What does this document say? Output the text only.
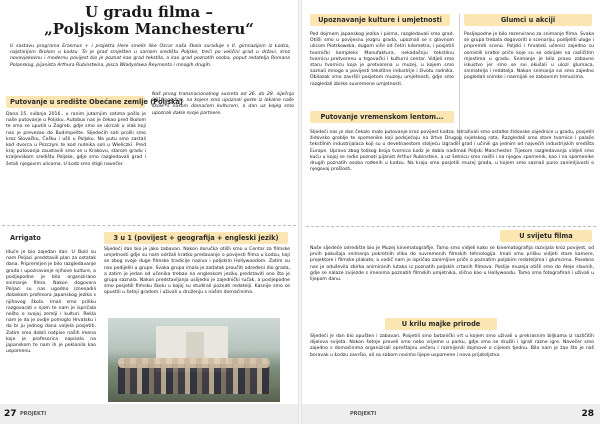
U gradu filma –
„Poljskom Manchesteru“
U sastavu programa Erasmus + i projekta Here smells like Oscar naša škola surađuje s II. gimnazijom iz Łodza, najstarijom školom u Łodzu. To je grad smješten u samom središtu Poljske, treći po veličini grad u državi, kroz novovjekovnu i modernu povijest bio je poznat kao grad tekstila, a kao grad poznatih osoba, poput redatelja Romana Polanskog, pijanista Arthura Rubinsteina, pisca Władysława Reymonta i mnogih drugih.
Putovanje u središte Obećane zemlje (Poljska)
Dana 15. svibnja 2016., u ranim jutarnjim satima pošlo je naše putovanje u Poljsku. Autobus nas je čekao pred školom te smo se uputili u Zagreb, gdje smo se ukrcali u vlak koji nas je prevezao do Budimpešte. Sljedećih sati prošli smo kroz Slovačku, Češku i ušli u Poljsku. Na putu smo zastali kod dvorca u Pszczyni te kod rudnika soli u Wieliczki. Pred kraj putovanja zaustavili smo se u Krakovu, starom gradu i kraljevskom središtu Poljske, gdje smo razgledavali grad i šetali njegovim ulicama. U Łodz smo stigli navečer.
Naš prvog transnacionalnog susreta od 26. do 28. siječnja 2016. godine, na kojem smo upoznali goste iz lokalne naše škole s našom domaćom kulturom, a dan uz kojeg smo upoznali dakle svoje partnere.
Arrigato
Iduće je bio zajedan dan. U školi su nam Poljaci predstavili plan za ostatak dana. Pripremljen je bilo razgledavanje grada i upoznavanje njihove kulture, a posljepodne je bilo organizirano snimanje filma. Nakon dogovora Poljaci su nas ugodno iznenadili dolaskom profesora japanskog jezika s njihovog škola. Imali smo priliku razgovarati s njom te nam je ispričala nešto o svojoj zemlji i kulturi. Rekla nam je da je ovdje pomoglo Hrvatsku i da bi ju jednog dana voljela posjetiti. Zatim smo dobili natpise naših imena koje je profesorica napisala na japanskom te nam ih je poklonila kao uspomenu.
3 u 1 (povijest + geografija + engleski jezik)
Sljedeći dan bio je jako zabavan. Nakon doručka otišli smo u Centar za filmske umjetnosti gdje su nam održali kratko predavanje o povijesti filma u Łodzu, koji se zbog svoje duge filmske tradicije naziva i poljskim Hollywoodom. Zatim su nas podijelili u grupe. Svaka grupa imala je zadatak proučiti određeni dio grada, a zatim je jedan od učenika trebao na engleskom jeziku predstaviti ono što je grupa saznala. Nakon predstavljanja uslijedio je zajednički ručak, a posljepodne smo posjetili filmsku školu u kojoj su studirali poznati redatelji. Kasnije smo se opustili u šetnji gradom i uživali u druženju s našim domaćinima.
Upoznavanje kulture i umjetnosti
Pod dojmom japanskog jezika i pisma, razgledavali smo grad. Otišli smo u povijesnu jezgru grada, upoznali se s glavnom ulicom Piotrkowska, dugom više od četiri kilometra, i posjetili tvornički kompleks Manufaktura, nekadašnju tekstilnu tvornicu pretvorenu u trgovački i kulturni centar. Vidjeli smo staru tvornicu koja je pretvorena u muzej, u kojem smo saznali mnogo o povijesti tekstilne industrije i životu radnika. Obilazak smo završili posjetom muzeju umjetnosti, gdje smo razgledali zbirke suvremene umjetnosti.
Glumci u akciji
Posljepodne je bilo rezervirano za snimanje filma. Svaka se grupa trebala dogovoriti o scenariju, podijeliti uloge i pripremiti scenu. Poljski i hrvatski učenici zajedno su osmislili kratke priče koje su se odvijale na različitim mjestima u gradu. Snimanje je bilo pravo zabavno iskustvo jer smo se svi okušali u ulozi glumaca, snimatelja i redatelja. Nakon snimanja svi smo zajedno pogledali snimke i nasmijali se zabavnim trenucima.
Putovanje vremenskom lentom...
Sljedeći nas je dan čekalo malo putovanje kroz povijest Łodza. Istraživali smo ostatke židovske zajednice u gradu, posjetili židovsko groblje te spomenike koji podsjećaju na žrtve Drugog svjetskog rata. Razgledali smo stare tvornice i palače tekstilnih industrijalaca koji su u devetnaestom stoljeću izgradili grad i učinili ga jednim od najvećih industrijskih središta Europe. Upravo zbog tolikog broja tvornica Łodz je dobio nadimak Poljski Manchester. Tijekom razgledavanja vidjeli smo kuću u kojoj se rodio poznati pijanist Arthur Rubinstein, a uz šetnicu smo naišli i na njegov spomenik, kao i na spomenike drugih poznatih osoba rođenih u Łodzu. Na kraju smo posjetili muzej grada, u kojem smo saznali puno zanimljivosti o njegovoj prošlosti.
U svijetu filma
Naše sljedeće odredište bio je Muzej kinematografije. Tamo smo vidjeli kako se kinematografija razvijala kroz povijest, od prvih pokušaja snimanja pokretnih slika do suvremenih filmskih tehnologija. Imali smo priliku vidjeti stare kamere, projektore i filmske plakate, a vodič nam je ispričao zanimljive priče o poznatim poljskim redateljima i glumcima. Posebno nas je oduševila zbirka animiranih lutaka iz poznatih poljskih crtanih filmova. Poslije muzeja otišli smo do Aleje slavnih, gdje se nalaze zvijezde s imenima poznatih filmskih umjetnika, slično kao u Hollywoodu. Tamo smo fotografirali i uživali u lijepom danu.
U krilu majke prirode
Sljedeći je dan bio opušten i zabavan. Posjetili smo botanički vrt u kojem smo uživali u prekrasnim biljkama iz različitih dijelova svijeta. Nakon šetnje proveli smo neko vrijeme u parku, gdje smo se družili i igrali razne igre. Navečer smo zajedno s domaćinima organizirali oproštajnu večeru i razmijenili dojmove o cijelom tjednu. Bilo nam je žao što je naš boravak u Łodzu završio, ali sa sobom nosimo lijepe uspomene i nova prijateljstva.
27 PROJEKTI	PROJEKTI	28
